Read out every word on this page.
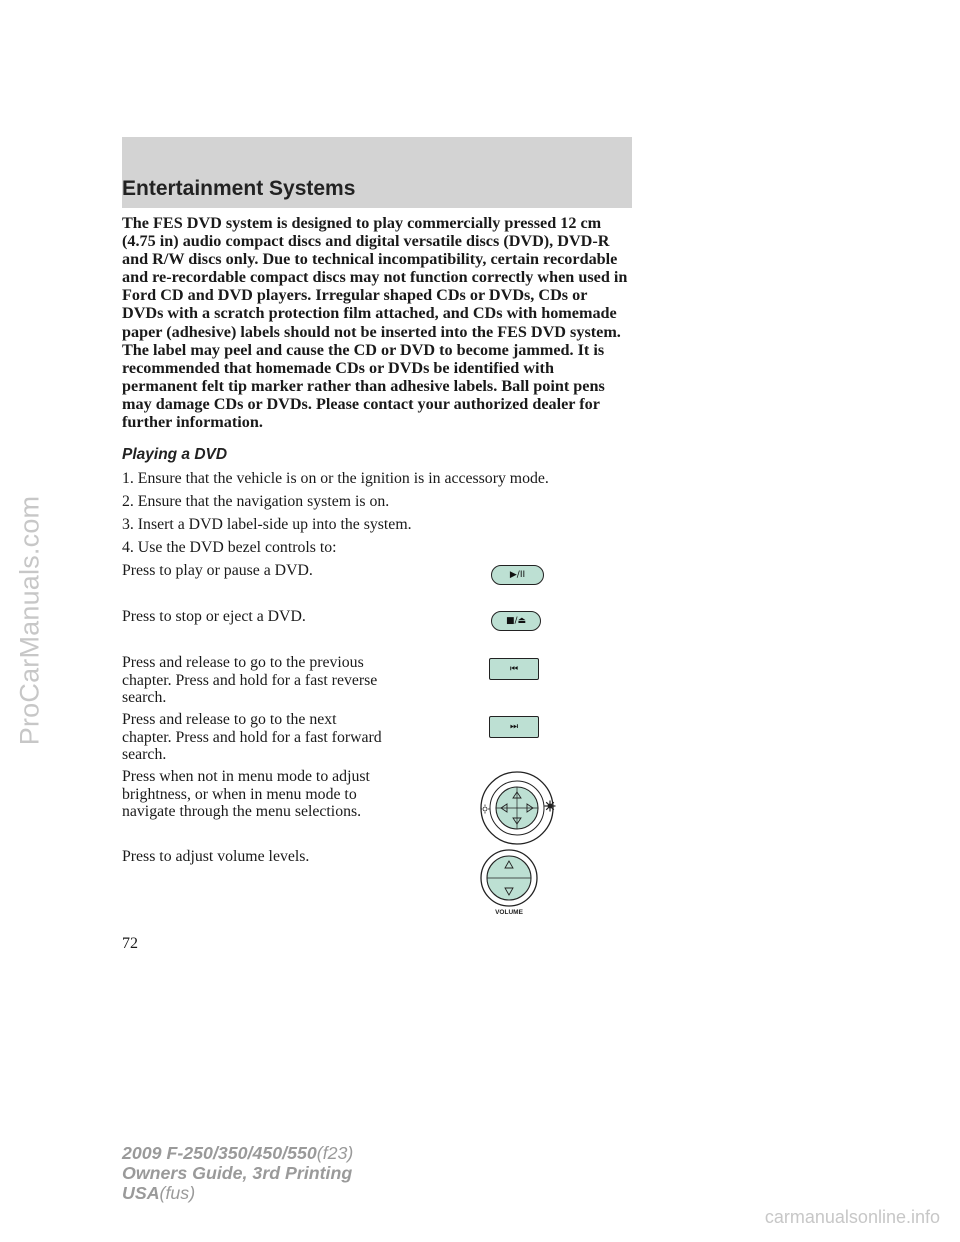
ProCarManuals.com
Entertainment Systems

The FES DVD system is designed to play commercially pressed 12 cm (4.75 in) audio compact discs and digital versatile discs (DVD), DVD-R and R/W discs only. Due to technical incompatibility, certain recordable and re-recordable compact discs may not function correctly when used in Ford CD and DVD players. Irregular shaped CDs or DVDs, CDs or DVDs with a scratch protection film attached, and CDs with homemade paper (adhesive) labels should not be inserted into the FES DVD system. The label may peel and cause the CD or DVD to become jammed. It is recommended that homemade CDs or DVDs be identified with permanent felt tip marker rather than adhesive labels. Ball point pens may damage CDs or DVDs. Please contact your authorized dealer for further information.

Playing a DVD

1. Ensure that the vehicle is on or the ignition is in accessory mode.

2. Ensure that the navigation system is on.

3. Insert a DVD label-side up into the system.

4. Use the DVD bezel controls to:

Press to play or pause a DVD.

Press to stop or eject a DVD.

Press and release to go to the previous chapter. Press and hold for a fast reverse search.

Press and release to go to the next chapter. Press and hold for a fast forward search.

Press when not in menu mode to adjust brightness, or when in menu mode to navigate through the menu selections.

Press to adjust volume levels.

▶/II
■/⏏
⏮
⏭
VOLUME

72

2009 F-250/350/450/550(f23)
Owners Guide, 3rd Printing
USA(fus)

carmanualsonline.info
